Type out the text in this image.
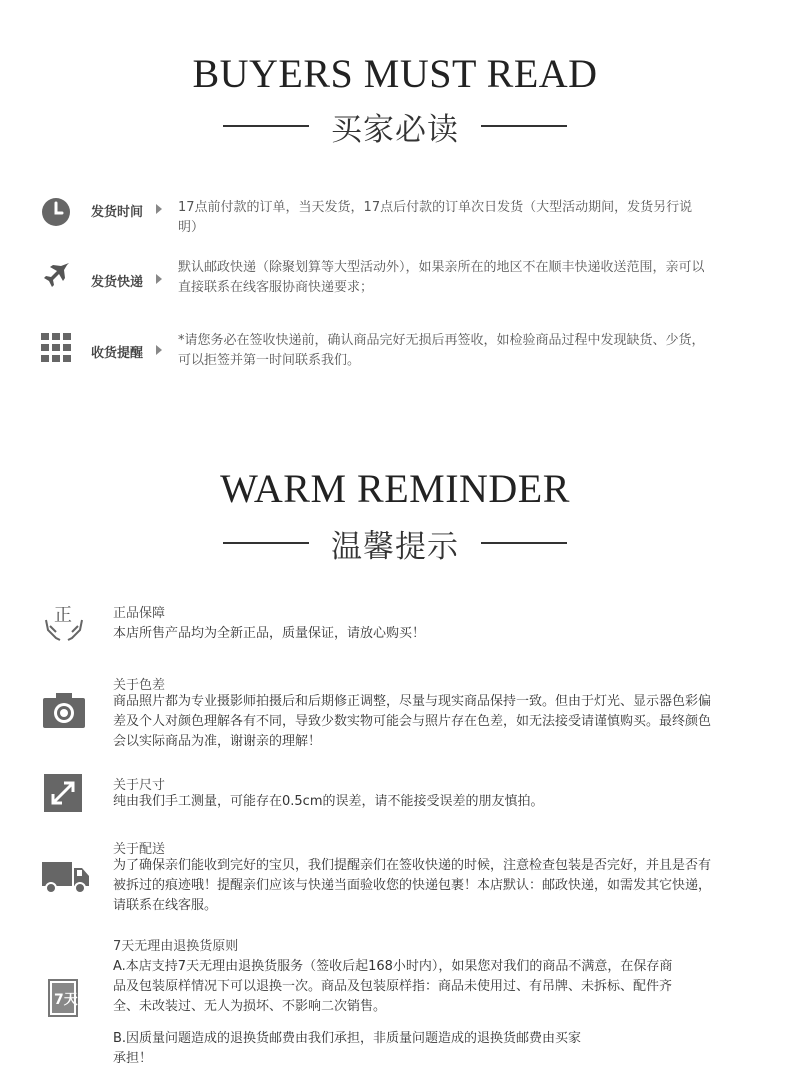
BUYERS MUST READ
买家必读
发货时间	17点前付款的订单，当天发货，17点后付款的订单次日发货（大型活动期间，发货另行说明）
发货快递
默认邮政快递（除聚划算等大型活动外），如果亲所在的地区不在顺丰快递收送范围，亲可以直接联系在线客服协商快递要求；
收货提醒
*请您务必在签收快递前，确认商品完好无损后再签收，如检验商品过程中发现缺货、少货，可以拒签并第一时间联系我们。
WARM REMINDER
温馨提示
正	正品保障
本店所售产品均为全新正品，质量保证，请放心购买！
关于色差
商品照片都为专业摄影师拍摄后和后期修正调整，尽量与现实商品保持一致。但由于灯光、显示器色彩偏差及个人对颜色理解各有不同，导致少数实物可能会与照片存在色差，如无法接受请谨慎购买。最终颜色会以实际商品为准，谢谢亲的理解！
关于尺寸
纯由我们手工测量，可能存在0.5cm的误差，请不能接受误差的朋友慎拍。
关于配送
为了确保亲们能收到完好的宝贝，我们提醒亲们在签收快递的时候，注意检查包装是否完好，并且是否有被拆过的痕迹哦！提醒亲们应该与快递当面验收您的快递包裹！本店默认：邮政快递，如需发其它快递，请联系在线客服。
7天
7天无理由退换货原则
A.本店支持7天无理由退换货服务（签收后起168小时内），如果您对我们的商品不满意，在保存商品及包装原样情况下可以退换一次。商品及包装原样指：商品未使用过、有吊牌、未拆标、配件齐全、未改装过、无人为损坏、不影响二次销售。
B.因质量问题造成的退换货邮费由我们承担，非质量问题造成的退换货邮费由买家承担！
